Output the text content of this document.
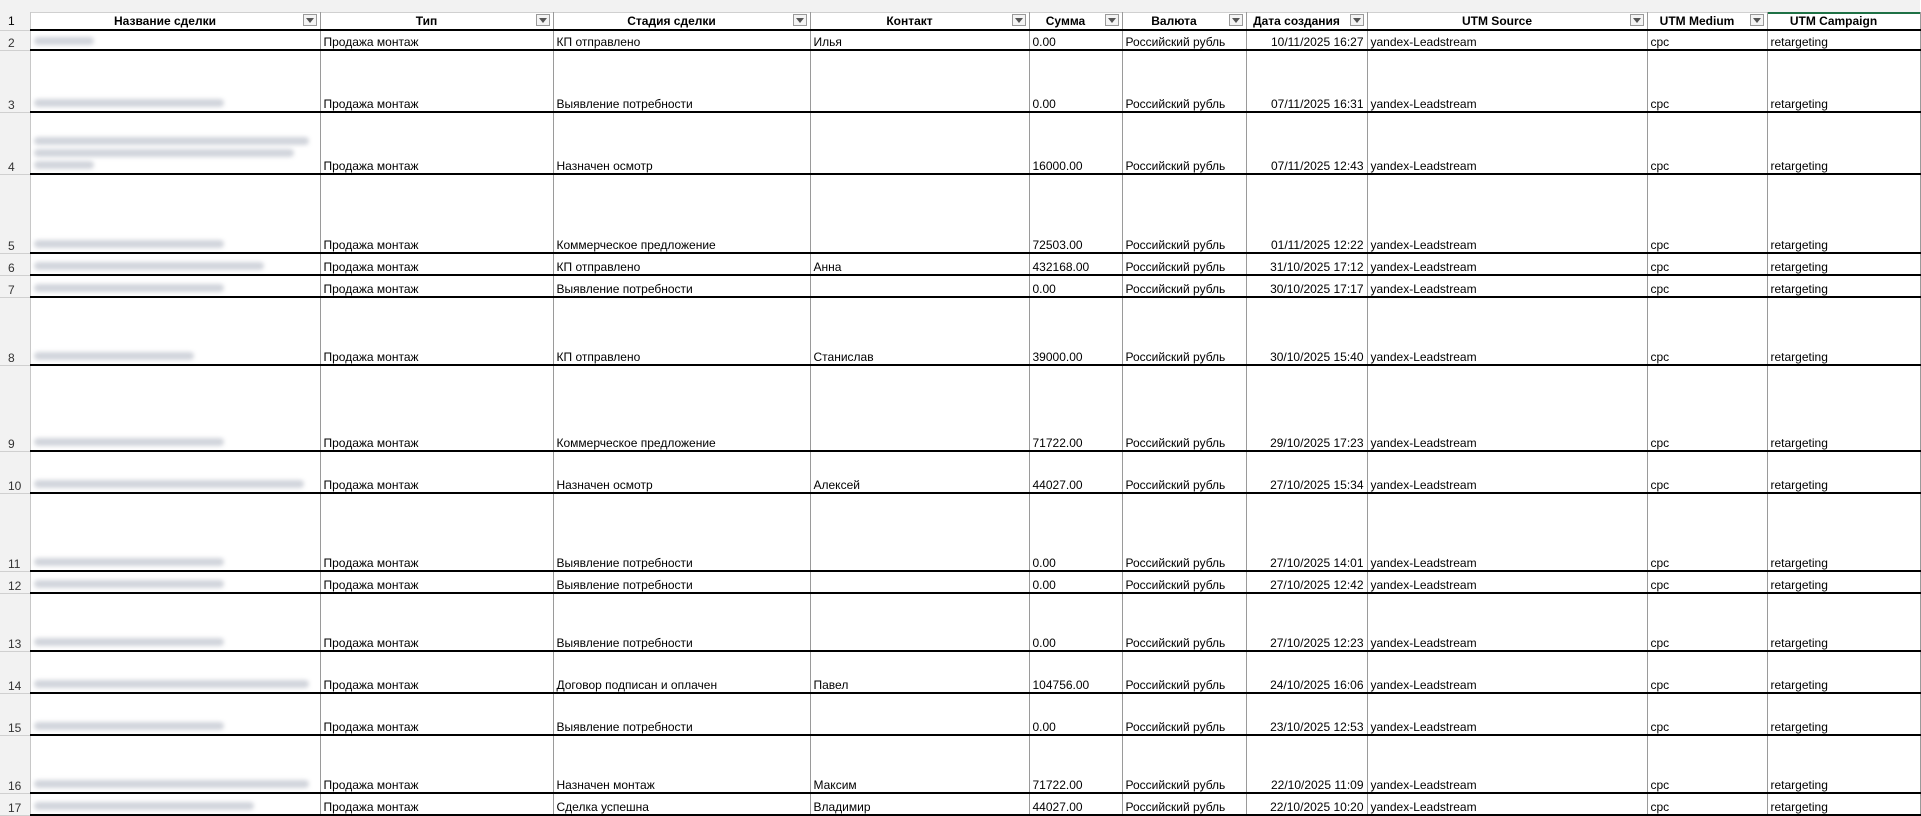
1	Название сделки	Тип	Стадия сделки	Контакт	Сумма	Валюта	Дата создания	UTM Source	UTM Medium	UTM Campaign

2		Продажа монтаж	КП отправлено	Илья	0.00	Российский рубль	10/11/2025 16:27	yandex-Leadstream	cpc	retargeting
3		Продажа монтаж	Выявление потребности		0.00	Российский рубль	07/11/2025 16:31	yandex-Leadstream	cpc	retargeting
4		Продажа монтаж	Назначен осмотр		16000.00	Российский рубль	07/11/2025 12:43	yandex-Leadstream	cpc	retargeting
5		Продажа монтаж	Коммерческое предложение		72503.00	Российский рубль	01/11/2025 12:22	yandex-Leadstream	cpc	retargeting
6		Продажа монтаж	КП отправлено	Анна	432168.00	Российский рубль	31/10/2025 17:12	yandex-Leadstream	cpc	retargeting
7		Продажа монтаж	Выявление потребности		0.00	Российский рубль	30/10/2025 17:17	yandex-Leadstream	cpc	retargeting
8		Продажа монтаж	КП отправлено	Станислав	39000.00	Российский рубль	30/10/2025 15:40	yandex-Leadstream	cpc	retargeting
9		Продажа монтаж	Коммерческое предложение		71722.00	Российский рубль	29/10/2025 17:23	yandex-Leadstream	cpc	retargeting
10		Продажа монтаж	Назначен осмотр	Алексей	44027.00	Российский рубль	27/10/2025 15:34	yandex-Leadstream	cpc	retargeting
11		Продажа монтаж	Выявление потребности		0.00	Российский рубль	27/10/2025 14:01	yandex-Leadstream	cpc	retargeting
12		Продажа монтаж	Выявление потребности		0.00	Российский рубль	27/10/2025 12:42	yandex-Leadstream	cpc	retargeting
13		Продажа монтаж	Выявление потребности		0.00	Российский рубль	27/10/2025 12:23	yandex-Leadstream	cpc	retargeting
14		Продажа монтаж	Договор подписан и оплачен	Павел	104756.00	Российский рубль	24/10/2025 16:06	yandex-Leadstream	cpc	retargeting
15		Продажа монтаж	Выявление потребности		0.00	Российский рубль	23/10/2025 12:53	yandex-Leadstream	cpc	retargeting
16		Продажа монтаж	Назначен монтаж	Максим	71722.00	Российский рубль	22/10/2025 11:09	yandex-Leadstream	cpc	retargeting
17		Продажа монтаж	Сделка успешна	Владимир	44027.00	Российский рубль	22/10/2025 10:20	yandex-Leadstream	cpc	retargeting
